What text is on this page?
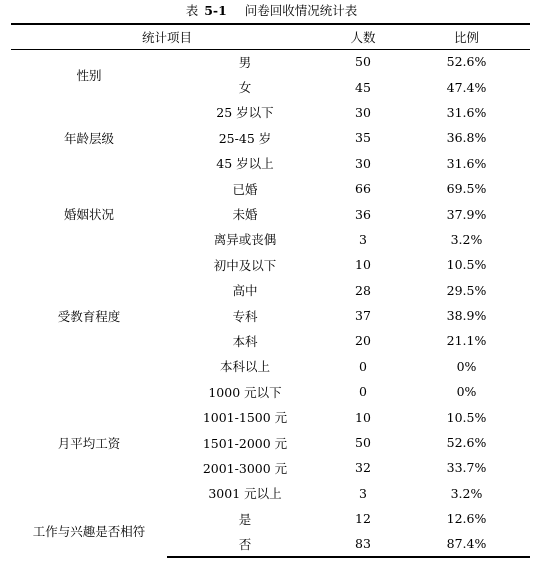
表 5-1 问卷回收情况统计表
统计项目		人数	比例
性别	男	50	52.6%
	女	45	47.4%
年龄层级	25 岁以下	30	31.6%
	25-45 岁	35	36.8%
	45 岁以上	30	31.6%
婚姻状况	已婚	66	69.5%
	未婚	36	37.9%
	离异或丧偶	3	3.2%
受教育程度	初中及以下	10	10.5%
	高中	28	29.5%
	专科	37	38.9%
	本科	20	21.1%
	本科以上	0	0%
月平均工资	1000 元以下	0	0%
	1001-1500 元	10	10.5%
	1501-2000 元	50	52.6%
	2001-3000 元	32	33.7%
	3001 元以上	3	3.2%
工作与兴趣是否相符	是	12	12.6%
	否	83	87.4%
